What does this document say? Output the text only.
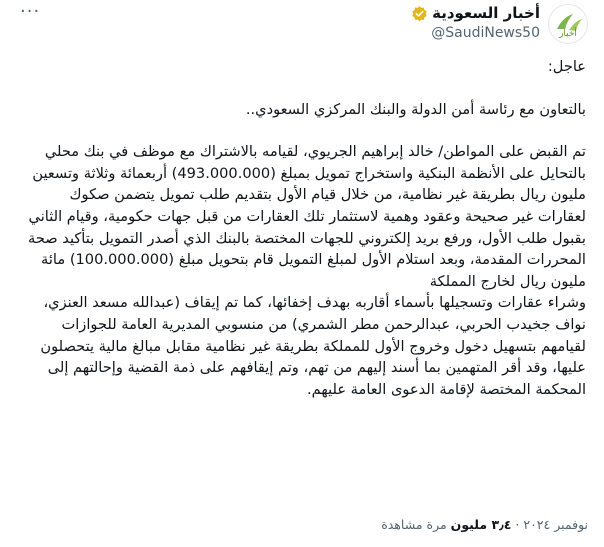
···
أخبار
أخبار السعودية
@SaudiNews50

عاجل:

بالتعاون مع رئاسة أمن الدولة والبنك المركزي السعودي..

تم القبض على المواطن/ خالد إبراهيم الجريوي، لقيامه بالاشتراك مع موظف في بنك محلي بالتحايل على الأنظمة البنكية واستخراج تمويل بمبلغ (493.000.000) أربعمائة وثلاثة وتسعين مليون ريال بطريقة غير نظامية، من خلال قيام الأول بتقديم طلب تمويل يتضمن صكوك لعقارات غير صحيحة وعقود وهمية لاستثمار تلك العقارات من قبل جهات حكومية، وقيام الثاني بقبول طلب الأول، ورفع بريد إلكتروني للجهات المختصة بالبنك الذي أصدر التمويل بتأكيد صحة المحررات المقدمة، وبعد استلام الأول لمبلغ التمويل قام بتحويل مبلغ (100.000.000) مائة مليون ريال لخارج المملكة

وشراء عقارات وتسجيلها بأسماء أقاربه بهدف إخفائها، كما تم إيقاف (عبدالله مسعد العنزي، نواف جخيدب الحربي، عبدالرحمن مطر الشمري) من منسوبي المديرية العامة للجوازات لقيامهم بتسهيل دخول وخروج الأول للمملكة بطريقة غير نظامية مقابل مبالغ مالية يتحصلون عليها، وقد أقر المتهمين بما أسند إليهم من تهم، وتم إيقافهم على ذمة القضية وإحالتهم إلى المحكمة المختصة لإقامة الدعوى العامة عليهم.

نوفمبر ٢٠٢٤ · ٣٫٤ مليون مرة مشاهدة
